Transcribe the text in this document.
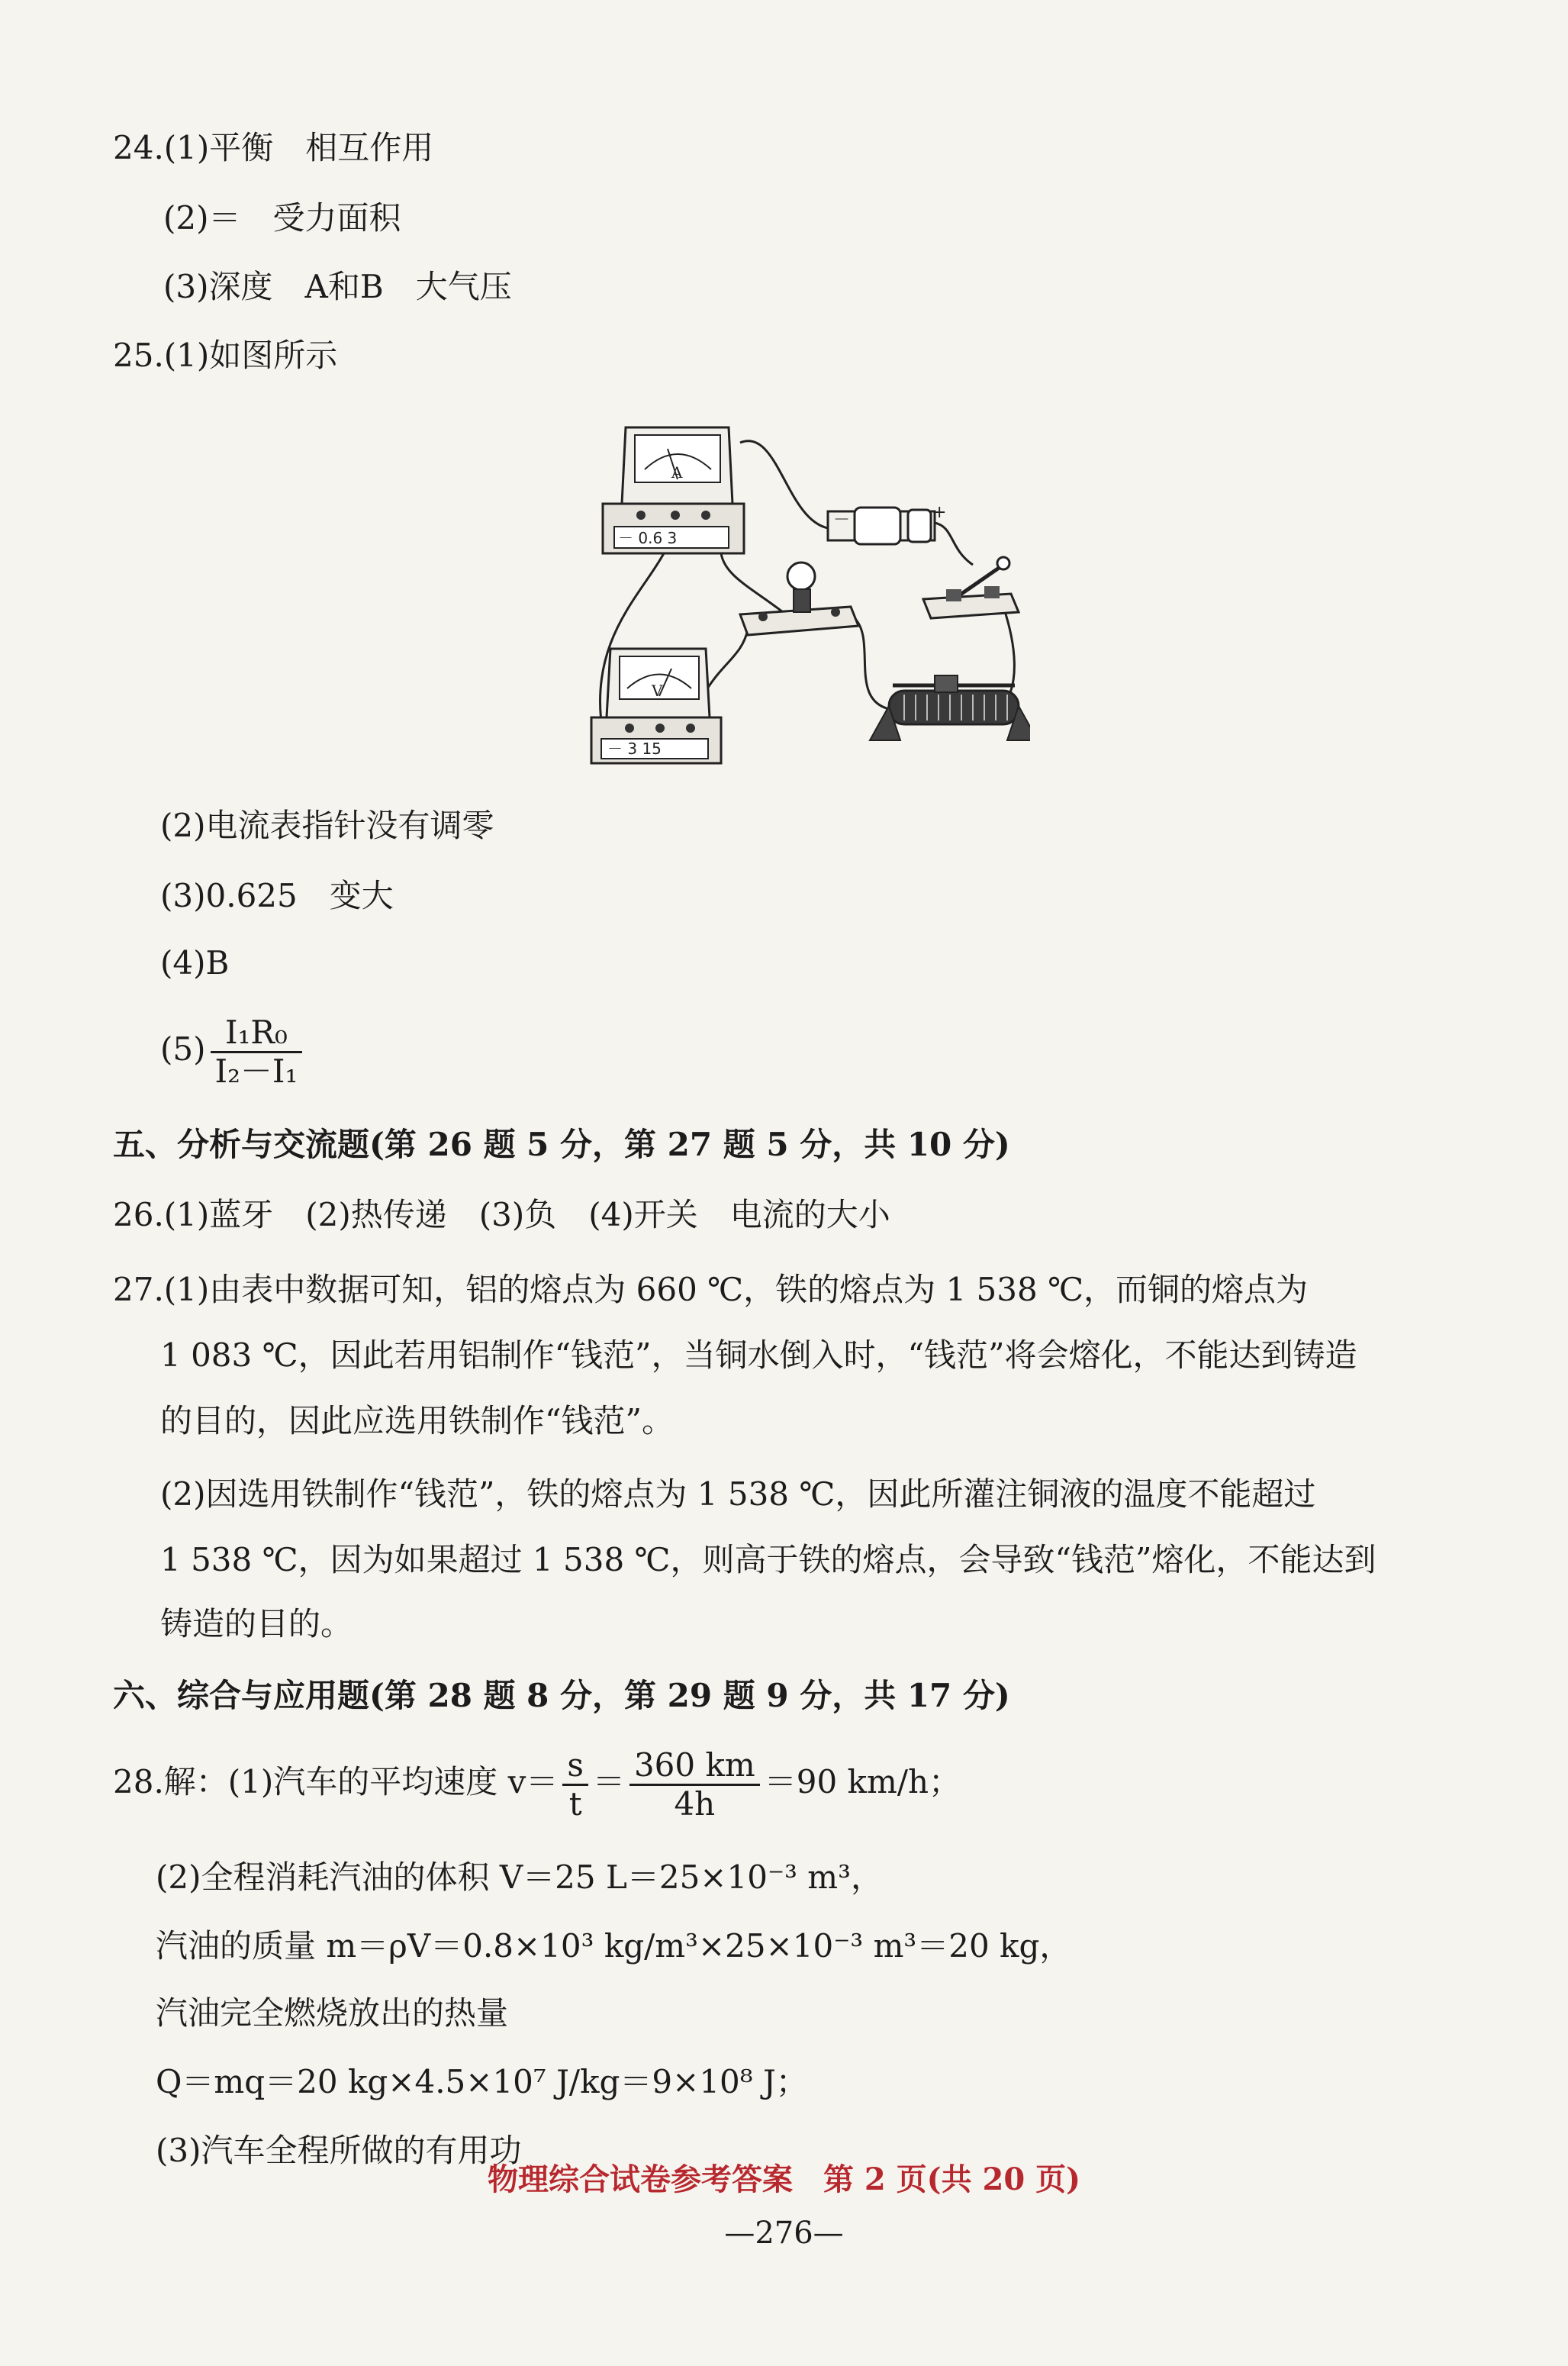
24.(1)平衡　相互作用
(2)＝　受力面积
(3)深度　A和B　大气压
25.(1)如图所示
A
－ 0.6 3
－	+
V
－ 3 15
(2)电流表指针没有调零
(3)0.625　变大
(4)B
$(5) \frac{\text{I₁R₀}}{\text{I₂－I₁}}$
五、分析与交流题(第 26 题 5 分，第 27 题 5 分，共 10 分)
26.(1)蓝牙　(2)热传递　(3)负　(4)开关　电流的大小
27.(1)由表中数据可知，铝的熔点为 660 ℃，铁的熔点为 1 538 ℃，而铜的熔点为
1 083 ℃，因此若用铝制作“钱范”，当铜水倒入时，“钱范”将会熔化，不能达到铸造
的目的，因此应选用铁制作“钱范”。
(2)因选用铁制作“钱范”，铁的熔点为 1 538 ℃，因此所灌注铜液的温度不能超过
1 538 ℃，因为如果超过 1 538 ℃，则高于铁的熔点，会导致“钱范”熔化，不能达到
铸造的目的。
六、综合与应用题(第 28 题 8 分，第 29 题 9 分，共 17 分)
28.解：(1)汽车的平均速度 $v= \frac{s}{t} = \frac{360 km}{4h} =90$ km/h；
(2)全程消耗汽油的体积 V＝25 L＝25×10⁻³ m³，
汽油的质量 m＝ρV＝0.8×10³ kg/m³×25×10⁻³ m³＝20 kg，
汽油完全燃烧放出的热量
Q＝mq＝20 kg×4.5×10⁷ J/kg＝9×10⁸ J；
(3)汽车全程所做的有用功
物理综合试卷参考答案　第 2 页(共 20 页)
—276—
